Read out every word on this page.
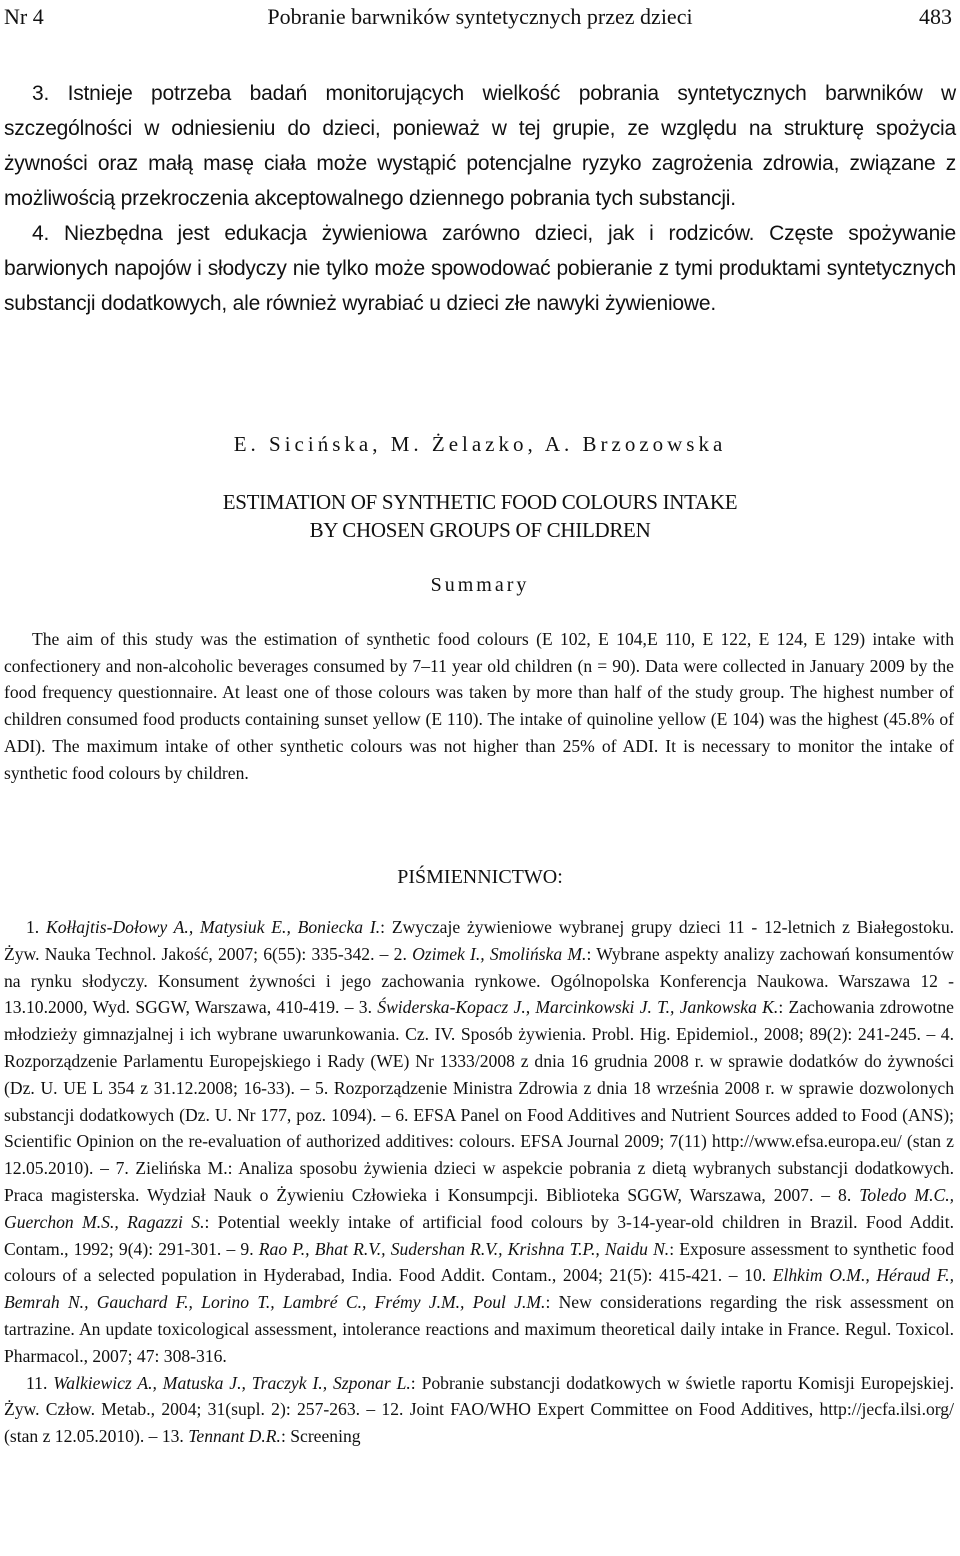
Nr 4	Pobranie barwników syntetycznych przez dzieci	483

3. Istnieje potrzeba badań monitorujących wielkość pobrania syntetycznych barwników w szczególności w odniesieniu do dzieci, ponieważ w tej grupie, ze względu na strukturę spożycia żywności oraz małą masę ciała może wystąpić potencjalne ryzyko zagrożenia zdrowia, związane z możliwością przekroczenia akceptowalnego dziennego pobrania tych substancji.

4. Niezbędna jest edukacja żywieniowa zarówno dzieci, jak i rodziców. Częste spożywanie barwionych napojów i słodyczy nie tylko może spowodować pobieranie z tymi produktami syntetycznych substancji dodatkowych, ale również wyrabiać u dzieci złe nawyki żywieniowe.

E. Sicińska, M. Żelazko, A. Brzozowska
ESTIMATION OF SYNTHETIC FOOD COLOURS INTAKE
BY CHOSEN GROUPS OF CHILDREN
Summary

The aim of this study was the estimation of synthetic food colours (E 102, E 104,E 110, E 122, E 124, E 129) intake with confectionery and non-alcoholic beverages consumed by 7–11 year old children (n = 90). Data were collected in January 2009 by the food frequency questionnaire. At least one of those colours was taken by more than half of the study group. The highest number of children consumed food products containing sunset yellow (E 110). The intake of quinoline yellow (E 104) was the highest (45.8% of ADI). The maximum intake of other synthetic colours was not higher than 25% of ADI. It is necessary to monitor the intake of synthetic food colours by children.

PIŚMIENNICTWO:

1. Kołłajtis-Dołowy A., Matysiuk E., Boniecka I.: Zwyczaje żywieniowe wybranej grupy dzieci 11 - 12-letnich z Białegostoku. Żyw. Nauka Technol. Jakość, 2007; 6(55): 335-342. – 2. Ozimek I., Smolińska M.: Wybrane aspekty analizy zachowań konsumentów na rynku słodyczy. Konsument żywności i jego zachowania rynkowe. Ogólnopolska Konferencja Naukowa. Warszawa 12 - 13.10.2000, Wyd. SGGW, Warszawa, 410-419. – 3. Świderska-Kopacz J., Marcinkowski J. T., Jankowska K.: Zachowania zdrowotne młodzieży gimnazjalnej i ich wybrane uwarunkowania. Cz. IV. Sposób żywienia. Probl. Hig. Epidemiol., 2008; 89(2): 241-245. – 4. Rozporządzenie Parlamentu Europejskiego i Rady (WE) Nr 1333/2008 z dnia 16 grudnia 2008 r. w sprawie dodatków do żywności (Dz. U. UE L 354 z 31.12.2008; 16-33). – 5. Rozporządzenie Ministra Zdrowia z dnia 18 września 2008 r. w sprawie dozwolonych substancji dodatkowych (Dz. U. Nr 177, poz. 1094). – 6. EFSA Panel on Food Additives and Nutrient Sources added to Food (ANS); Scientific Opinion on the re-evaluation of authorized additives: colours. EFSA Journal 2009; 7(11) http://www.efsa.europa.eu/ (stan z 12.05.2010). – 7. Zielińska M.: Analiza sposobu żywienia dzieci w aspekcie pobrania z dietą wybranych substancji dodatkowych. Praca magisterska. Wydział Nauk o Żywieniu Człowieka i Konsumpcji. Biblioteka SGGW, Warszawa, 2007. – 8. Toledo M.C., Guerchon M.S., Ragazzi S.: Potential weekly intake of artificial food colours by 3-14-year-old children in Brazil. Food Addit. Contam., 1992; 9(4): 291-301. – 9. Rao P., Bhat R.V., Sudershan R.V., Krishna T.P., Naidu N.: Exposure assessment to synthetic food colours of a selected population in Hyderabad, India. Food Addit. Contam., 2004; 21(5): 415-421. – 10. Elhkim O.M., Héraud F., Bemrah N., Gauchard F., Lorino T., Lambré C., Frémy J.M., Poul J.M.: New considerations regarding the risk assessment on tartrazine. An update toxicological assessment, intolerance reactions and maximum theoretical daily intake in France. Regul. Toxicol. Pharmacol., 2007; 47: 308-316.

11. Walkiewicz A., Matuska J., Traczyk I., Szponar L.: Pobranie substancji dodatkowych w świetle raportu Komisji Europejskiej. Żyw. Człow. Metab., 2004; 31(supl. 2): 257-263. – 12. Joint FAO/WHO Expert Committee on Food Additives, http://jecfa.ilsi.org/ (stan z 12.05.2010). – 13. Tennant D.R.: Screening
